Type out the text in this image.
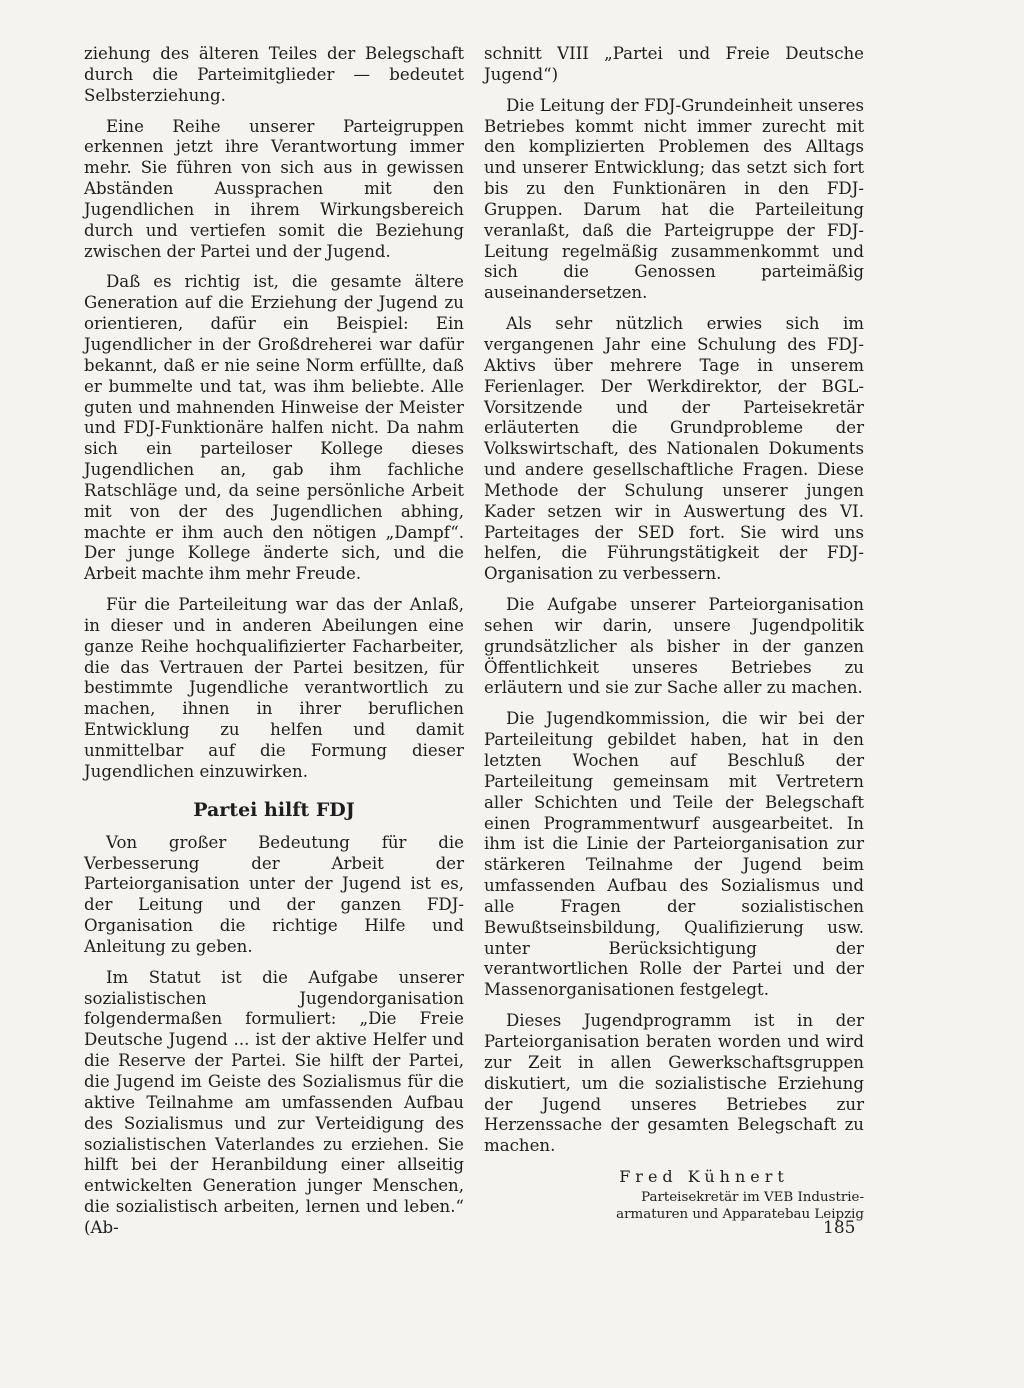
ziehung des älteren Teiles der Belegschaft durch die Parteimitglieder — bedeutet Selbsterziehung.

Eine Reihe unserer Parteigruppen erkennen jetzt ihre Verantwortung immer mehr. Sie führen von sich aus in gewissen Abständen Aussprachen mit den Jugendlichen in ihrem Wirkungsbereich durch und vertiefen somit die Beziehung zwischen der Partei und der Jugend.

Daß es richtig ist, die gesamte ältere Generation auf die Erziehung der Jugend zu orientieren, dafür ein Beispiel: Ein Jugendlicher in der Großdreherei war dafür bekannt, daß er nie seine Norm erfüllte, daß er bummelte und tat, was ihm beliebte. Alle guten und mahnenden Hinweise der Meister und FDJ-Funktionäre halfen nicht. Da nahm sich ein parteiloser Kollege dieses Jugendlichen an, gab ihm fachliche Ratschläge und, da seine persönliche Arbeit mit von der des Jugendlichen abhing, machte er ihm auch den nötigen „Dampf“. Der junge Kollege änderte sich, und die Arbeit machte ihm mehr Freude.

Für die Parteileitung war das der Anlaß, in dieser und in anderen Abeilungen eine ganze Reihe hochqualifizierter Facharbeiter, die das Vertrauen der Partei besitzen, für bestimmte Jugendliche verantwortlich zu machen, ihnen in ihrer beruflichen Entwicklung zu helfen und damit unmittelbar auf die Formung dieser Jugendlichen einzuwirken.

Partei hilft FDJ

Von großer Bedeutung für die Verbesserung der Arbeit der Parteiorganisation unter der Jugend ist es, der Leitung und der ganzen FDJ-Organisation die richtige Hilfe und Anleitung zu geben.

Im Statut ist die Aufgabe unserer sozialistischen Jugendorganisation folgendermaßen formuliert: „Die Freie Deutsche Jugend ... ist der aktive Helfer und die Reserve der Partei. Sie hilft der Partei, die Jugend im Geiste des Sozialismus für die aktive Teilnahme am umfassenden Aufbau des Sozialismus und zur Verteidigung des sozialistischen Vaterlandes zu erziehen. Sie hilft bei der Heranbildung einer allseitig entwickelten Generation junger Menschen, die sozialistisch arbeiten, lernen und leben.“ (Ab-

schnitt VIII „Partei und Freie Deutsche Jugend“)

Die Leitung der FDJ-Grundeinheit unseres Betriebes kommt nicht immer zurecht mit den komplizierten Problemen des Alltags und unserer Entwicklung; das setzt sich fort bis zu den Funktionären in den FDJ-Gruppen. Darum hat die Parteileitung veranlaßt, daß die Parteigruppe der FDJ-Leitung regelmäßig zusammenkommt und sich die Genossen parteimäßig auseinandersetzen.

Als sehr nützlich erwies sich im vergangenen Jahr eine Schulung des FDJ-Aktivs über mehrere Tage in unserem Ferienlager. Der Werkdirektor, der BGL-Vorsitzende und der Parteisekretär erläuterten die Grundprobleme der Volkswirtschaft, des Nationalen Dokuments und andere gesellschaftliche Fragen. Diese Methode der Schulung unserer jungen Kader setzen wir in Auswertung des VI. Parteitages der SED fort. Sie wird uns helfen, die Führungstätigkeit der FDJ-Organisation zu verbessern.

Die Aufgabe unserer Parteiorganisation sehen wir darin, unsere Jugendpolitik grundsätzlicher als bisher in der ganzen Öffentlichkeit unseres Betriebes zu erläutern und sie zur Sache aller zu machen.

Die Jugendkommission, die wir bei der Parteileitung gebildet haben, hat in den letzten Wochen auf Beschluß der Parteileitung gemeinsam mit Vertretern aller Schichten und Teile der Belegschaft einen Programmentwurf ausgearbeitet. In ihm ist die Linie der Parteiorganisation zur stärkeren Teilnahme der Jugend beim umfassenden Aufbau des Sozialismus und alle Fragen der sozialistischen Bewußtseinsbildung, Qualifizierung usw. unter Berücksichtigung der verantwortlichen Rolle der Partei und der Massenorganisationen festgelegt.

Dieses Jugendprogramm ist in der Parteiorganisation beraten worden und wird zur Zeit in allen Gewerkschaftsgruppen diskutiert, um die sozialistische Erziehung der Jugend unseres Betriebes zur Herzenssache der gesamten Belegschaft zu machen.

Fred Kühnert
Parteisekretär im VEB Industrie-
armaturen und Apparatebau Leipzig
185
